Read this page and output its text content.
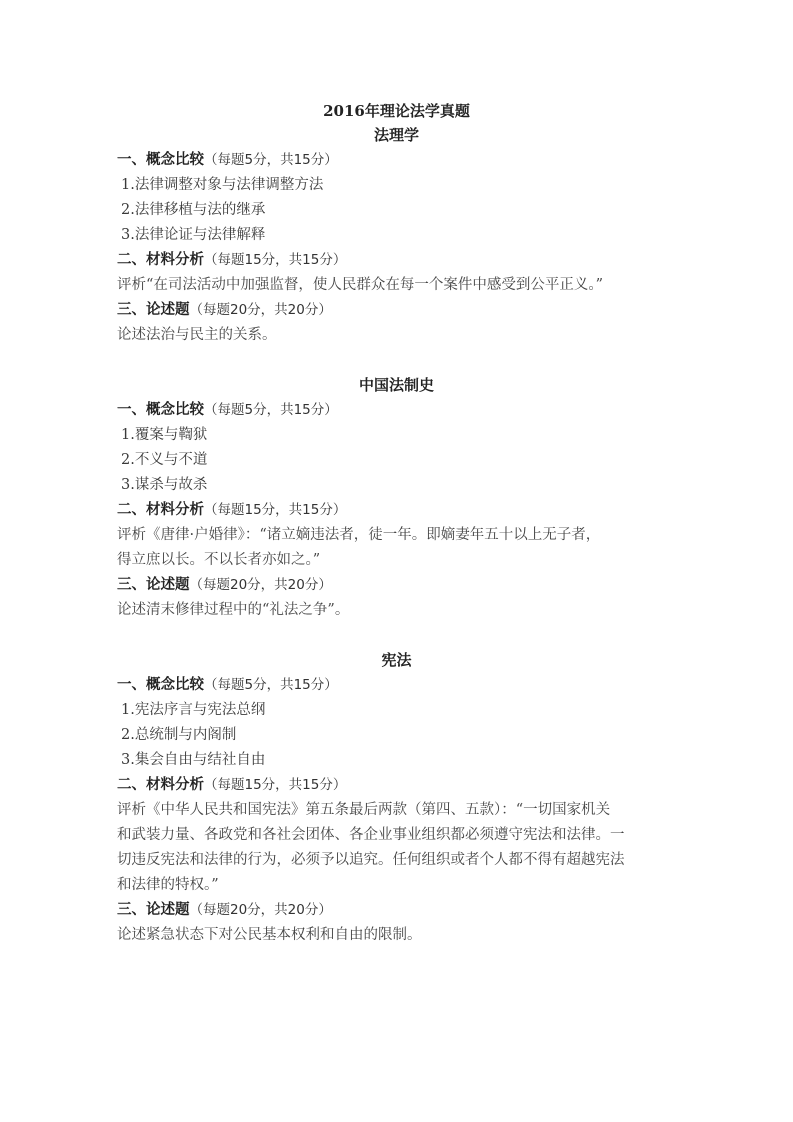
2016年理论法学真题
法理学
一、概念比较（每题5分，共15分）
1.法律调整对象与法律调整方法
2.法律移植与法的继承
3.法律论证与法律解释
二、材料分析（每题15分，共15分）
评析“在司法活动中加强监督，使人民群众在每一个案件中感受到公平正义。”
三、论述题（每题20分，共20分）
论述法治与民主的关系。
中国法制史
一、概念比较（每题5分，共15分）
1.覆案与鞫狱
2.不义与不道
3.谋杀与故杀
二、材料分析（每题15分，共15分）
评析《唐律·户婚律》：“诸立嫡违法者，徒一年。即嫡妻年五十以上无子者，
得立庶以长。不以长者亦如之。”
三、论述题（每题20分，共20分）
论述清末修律过程中的“礼法之争”。
宪法
一、概念比较（每题5分，共15分）
1.宪法序言与宪法总纲
2.总统制与内阁制
3.集会自由与结社自由
二、材料分析（每题15分，共15分）
评析《中华人民共和国宪法》第五条最后两款（第四、五款）：“一切国家机关
和武装力量、各政党和各社会团体、各企业事业组织都必须遵守宪法和法律。一
切违反宪法和法律的行为，必须予以追究。任何组织或者个人都不得有超越宪法
和法律的特权。”
三、论述题（每题20分，共20分）
论述紧急状态下对公民基本权利和自由的限制。
